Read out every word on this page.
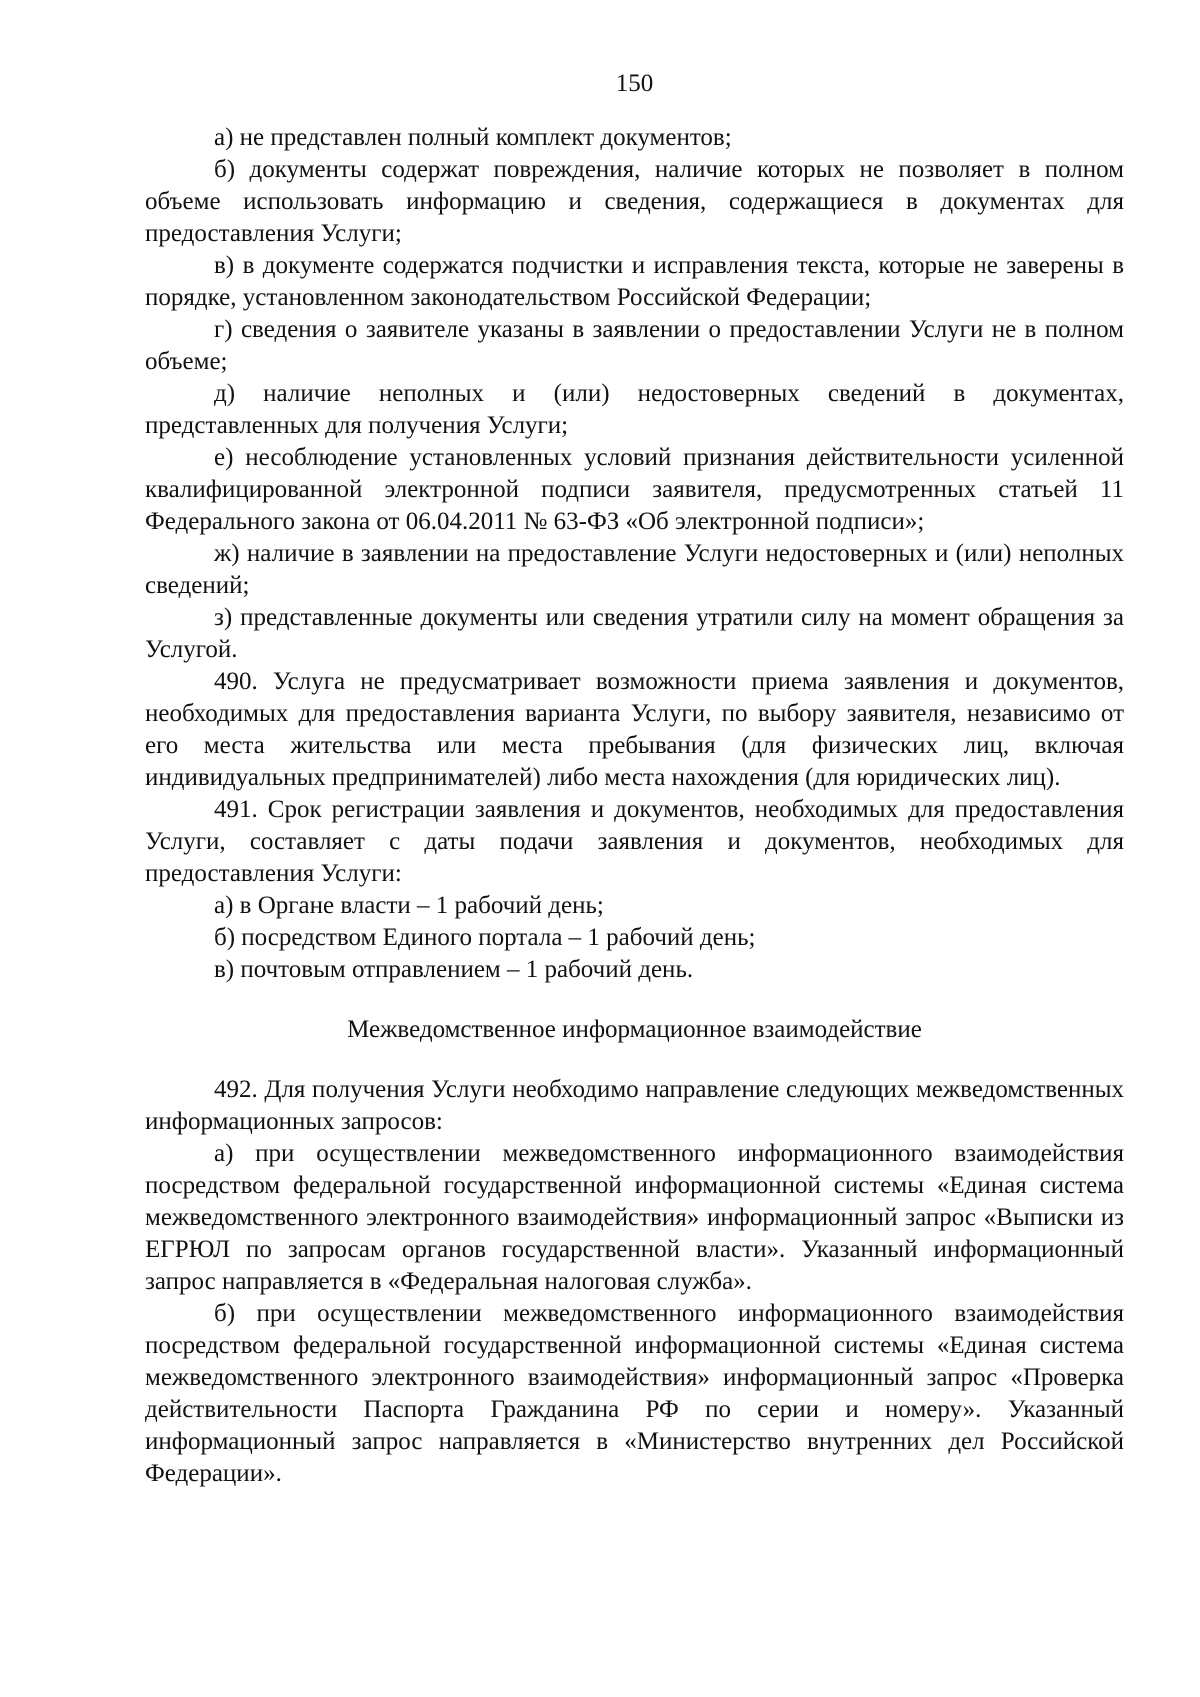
150

а) не представлен полный комплект документов;

б) документы содержат повреждения, наличие которых не позволяет в полном объеме использовать информацию и сведения, содержащиеся в документах для предоставления Услуги;

в) в документе содержатся подчистки и исправления текста, которые не заверены в порядке, установленном законодательством Российской Федерации;

г) сведения о заявителе указаны в заявлении о предоставлении Услуги не в полном объеме;

д) наличие неполных и (или) недостоверных сведений в документах, представленных для получения Услуги;

е) несоблюдение установленных условий признания действительности усиленной квалифицированной электронной подписи заявителя, предусмотренных статьей 11 Федерального закона от 06.04.2011 № 63-ФЗ «Об электронной подписи»;

ж) наличие в заявлении на предоставление Услуги недостоверных и (или) неполных сведений;

з) представленные документы или сведения утратили силу на момент обращения за Услугой.

490. Услуга не предусматривает возможности приема заявления и документов, необходимых для предоставления варианта Услуги, по выбору заявителя, независимо от его места жительства или места пребывания (для физических лиц, включая индивидуальных предпринимателей) либо места нахождения (для юридических лиц).

491. Срок регистрации заявления и документов, необходимых для предоставления Услуги, составляет с даты подачи заявления и документов, необходимых для предоставления Услуги:

а) в Органе власти – 1 рабочий день;

б) посредством Единого портала – 1 рабочий день;

в) почтовым отправлением – 1 рабочий день.

Межведомственное информационное взаимодействие

492. Для получения Услуги необходимо направление следующих межведомственных информационных запросов:

а) при осуществлении межведомственного информационного взаимодействия посредством федеральной государственной информационной системы «Единая система межведомственного электронного взаимодействия» информационный запрос «Выписки из ЕГРЮЛ по запросам органов государственной власти». Указанный информационный запрос направляется в «Федеральная налоговая служба».

б) при осуществлении межведомственного информационного взаимодействия посредством федеральной государственной информационной системы «Единая система межведомственного электронного взаимодействия» информационный запрос «Проверка действительности Паспорта Гражданина РФ по серии и номеру». Указанный информационный запрос направляется в «Министерство внутренних дел Российской Федерации».
